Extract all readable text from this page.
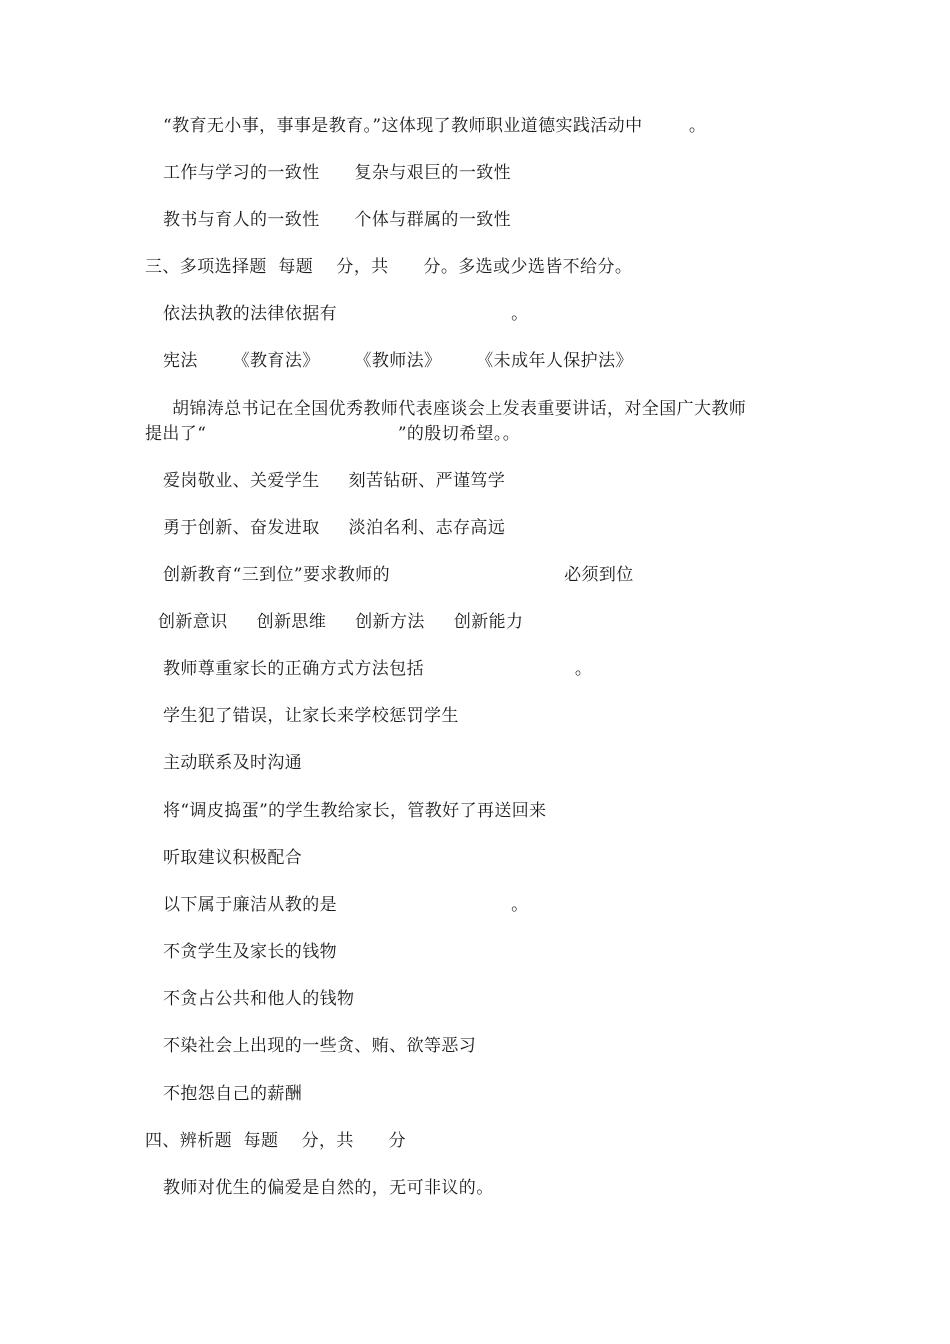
“教育无小事，事事是教育。”这体现了教师职业道德实践活动中        。
工作与学习的一致性      复杂与艰巨的一致性
教书与育人的一致性      个体与群属的一致性
三、多项选择题  每题    分，共      分。多选或少选皆不给分。
依法执教的法律依据有                              。
宪法      《教育法》      《教师法》      《未成年人保护法》
胡锦涛总书记在全国优秀教师代表座谈会上发表重要讲话，对全国广大教师
提出了“                                 ”的殷切希望。。
爱岗敬业、关爱学生     刻苦钻研、严谨笃学
勇于创新、奋发进取     淡泊名利、志存高远
创新教育“三到位”要求教师的                              必须到位
创新意识     创新思维     创新方法     创新能力
教师尊重家长的正确方式方法包括                          。
学生犯了错误，让家长来学校惩罚学生
主动联系及时沟通
将“调皮捣蛋”的学生教给家长，管教好了再送回来
听取建议积极配合
以下属于廉洁从教的是                              。
不贪学生及家长的钱物
不贪占公共和他人的钱物
不染社会上出现的一些贪、贿、欲等恶习
不抱怨自己的薪酬
四、辨析题  每题    分，共      分
教师对优生的偏爱是自然的，无可非议的。
